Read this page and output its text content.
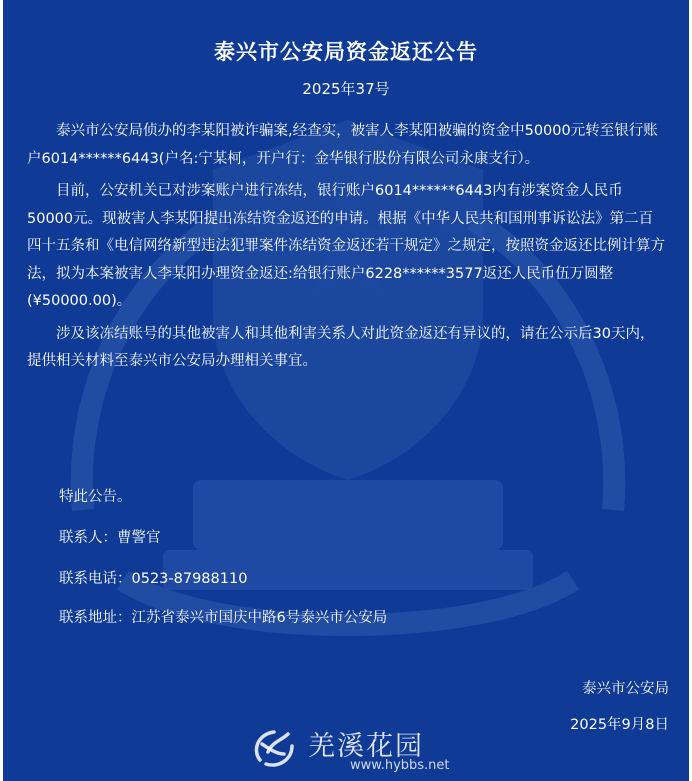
泰兴市公安局资金返还公告
2025年37号

泰兴市公安局侦办的李某阳被诈骗案,经查实，被害人李某阳被骗的资金中50000元转至银行账户6014******6443(户名:宁某柯，开户行：金华银行股份有限公司永康支行）。

目前，公安机关已对涉案账户进行冻结，银行账户6014******6443内有涉案资金人民币50000元。现被害人李某阳提出冻结资金返还的申请。根据《中华人民共和国刑事诉讼法》第二百四十五条和《电信网络新型违法犯罪案件冻结资金返还若干规定》之规定，按照资金返还比例计算方法，拟为本案被害人李某阳办理资金返还:给银行账户6228******3577返还人民币伍万圆整(¥50000.00)。

涉及该冻结账号的其他被害人和其他利害关系人对此资金返还有异议的，请在公示后30天内，提供相关材料至泰兴市公安局办理相关事宜。

特此公告。
联系人：曹警官
联系电话：0523-87988110
联系地址：江苏省泰兴市国庆中路6号泰兴市公安局
泰兴市公安局
2025年9月8日
羌溪花园
www.hybbs.net
